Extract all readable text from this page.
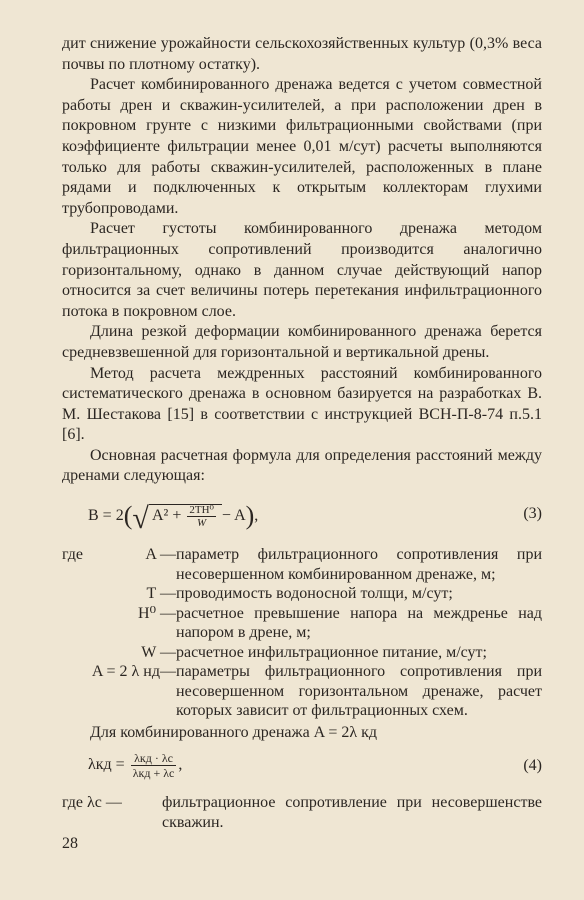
дит снижение урожайности сельскохозяйственных культур (0,3% веса почвы по плотному остатку).

Расчет комбинированного дренажа ведется с учетом совместной работы дрен и скважин-усилителей, а при расположении дрен в покровном грунте с низкими фильтрационными свойствами (при коэффициенте фильтрации менее 0,01 м/сут) расчеты выполняются только для работы скважин-усилителей, расположенных в плане рядами и подключенных к открытым коллекторам глухими трубопроводами.

Расчет густоты комбинированного дренажа методом фильтрационных сопротивлений производится аналогично горизонтальному, однако в данном случае действующий напор относится за счет величины потерь перетекания инфильтрационного потока в покровном слое.

Длина резкой деформации комбинированного дренажа берется средневзвешенной для горизонтальной и вертикальной дрены.

Метод расчета междренных расстояний комбинированного систематического дренажа в основном базируется на разработках В. М. Шестакова [15] в соответствии с инструкцией ВСН-П-8-74 п.5.1 [6].

Основная расчетная формула для определения расстояний между дренами следующая:

B = 2(√ $A^2 + \frac{\text{2TH⁰}}{W} - A$),	(3)
где	A — параметр фильтрационного сопротивления при несовершенном комбинированном дренаже, м;
T — проводимость водоносной толщи, м/сут;
H⁰ — расчетное превышение напора на междренье над напором в дрене, м;
W — расчетное инфильтрационное питание, м/сут;
A = 2 λ нд— параметры фильтрационного сопротивления при несовершенном горизонтальном дренаже, расчет которых зависит от фильтрационных схем.

Для комбинированного дренажа A = 2λ кд

$\lambda кд = \frac{\text{λкд · λс}}{\text{λкд + λс}}$ ,	(4)
где λс —	фильтрационное сопротивление при несовершенстве скважин.
28
